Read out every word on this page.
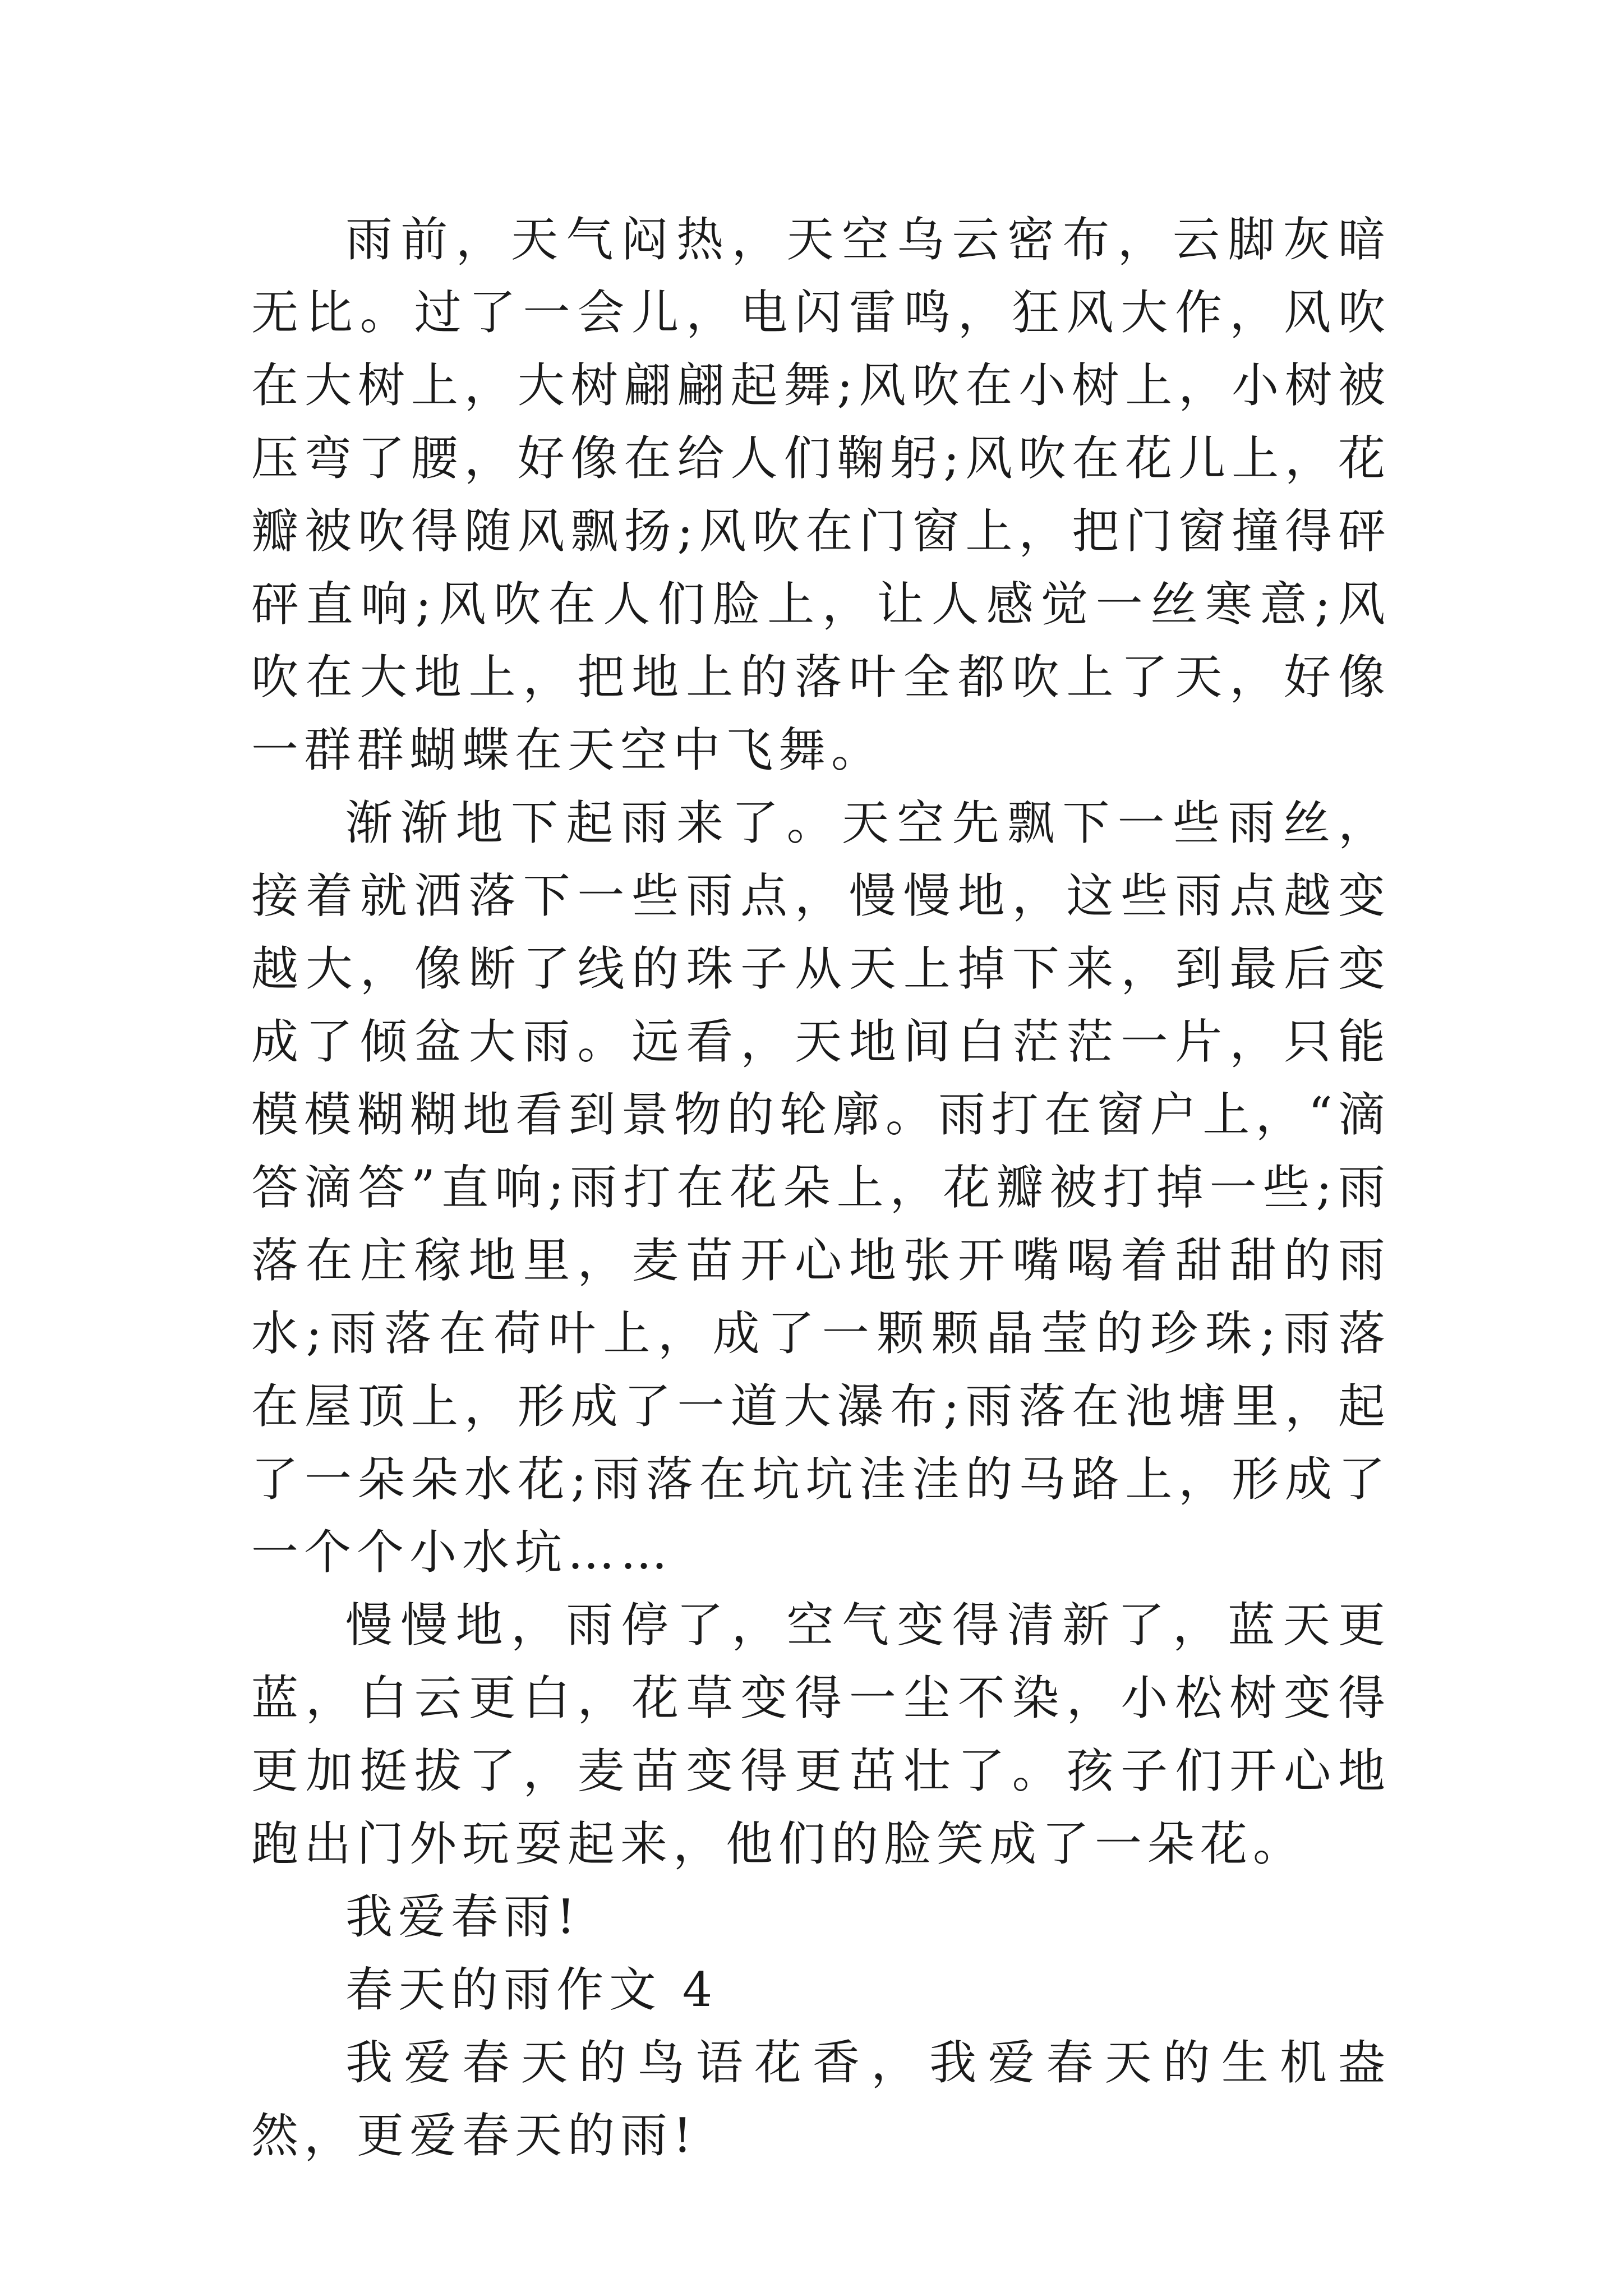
雨前，天气闷热，天空乌云密布，云脚灰暗无比。过了一会儿，电闪雷鸣，狂风大作，风吹在大树上，大树翩翩起舞;风吹在小树上，小树被压弯了腰，好像在给人们鞠躬;风吹在花儿上，花瓣被吹得随风飘扬;风吹在门窗上，把门窗撞得砰砰直响;风吹在人们脸上，让人感觉一丝寒意;风吹在大地上，把地上的落叶全都吹上了天，好像一群群蝴蝶在天空中飞舞。

渐渐地下起雨来了。天空先飘下一些雨丝，接着就洒落下一些雨点，慢慢地，这些雨点越变越大，像断了线的珠子从天上掉下来，到最后变成了倾盆大雨。远看，天地间白茫茫一片，只能模模糊糊地看到景物的轮廓。雨打在窗户上，“滴答滴答”直响;雨打在花朵上，花瓣被打掉一些;雨落在庄稼地里，麦苗开心地张开嘴喝着甜甜的雨水;雨落在荷叶上，成了一颗颗晶莹的珍珠;雨落在屋顶上，形成了一道大瀑布;雨落在池塘里，起了一朵朵水花;雨落在坑坑洼洼的马路上，形成了一个个小水坑……

慢慢地，雨停了，空气变得清新了，蓝天更蓝，白云更白，花草变得一尘不染，小松树变得更加挺拔了，麦苗变得更茁壮了。孩子们开心地跑出门外玩耍起来，他们的脸笑成了一朵花。

我爱春雨!

春天的雨作文 4

我爱春天的鸟语花香，我爱春天的生机盎然，更爱春天的雨!
